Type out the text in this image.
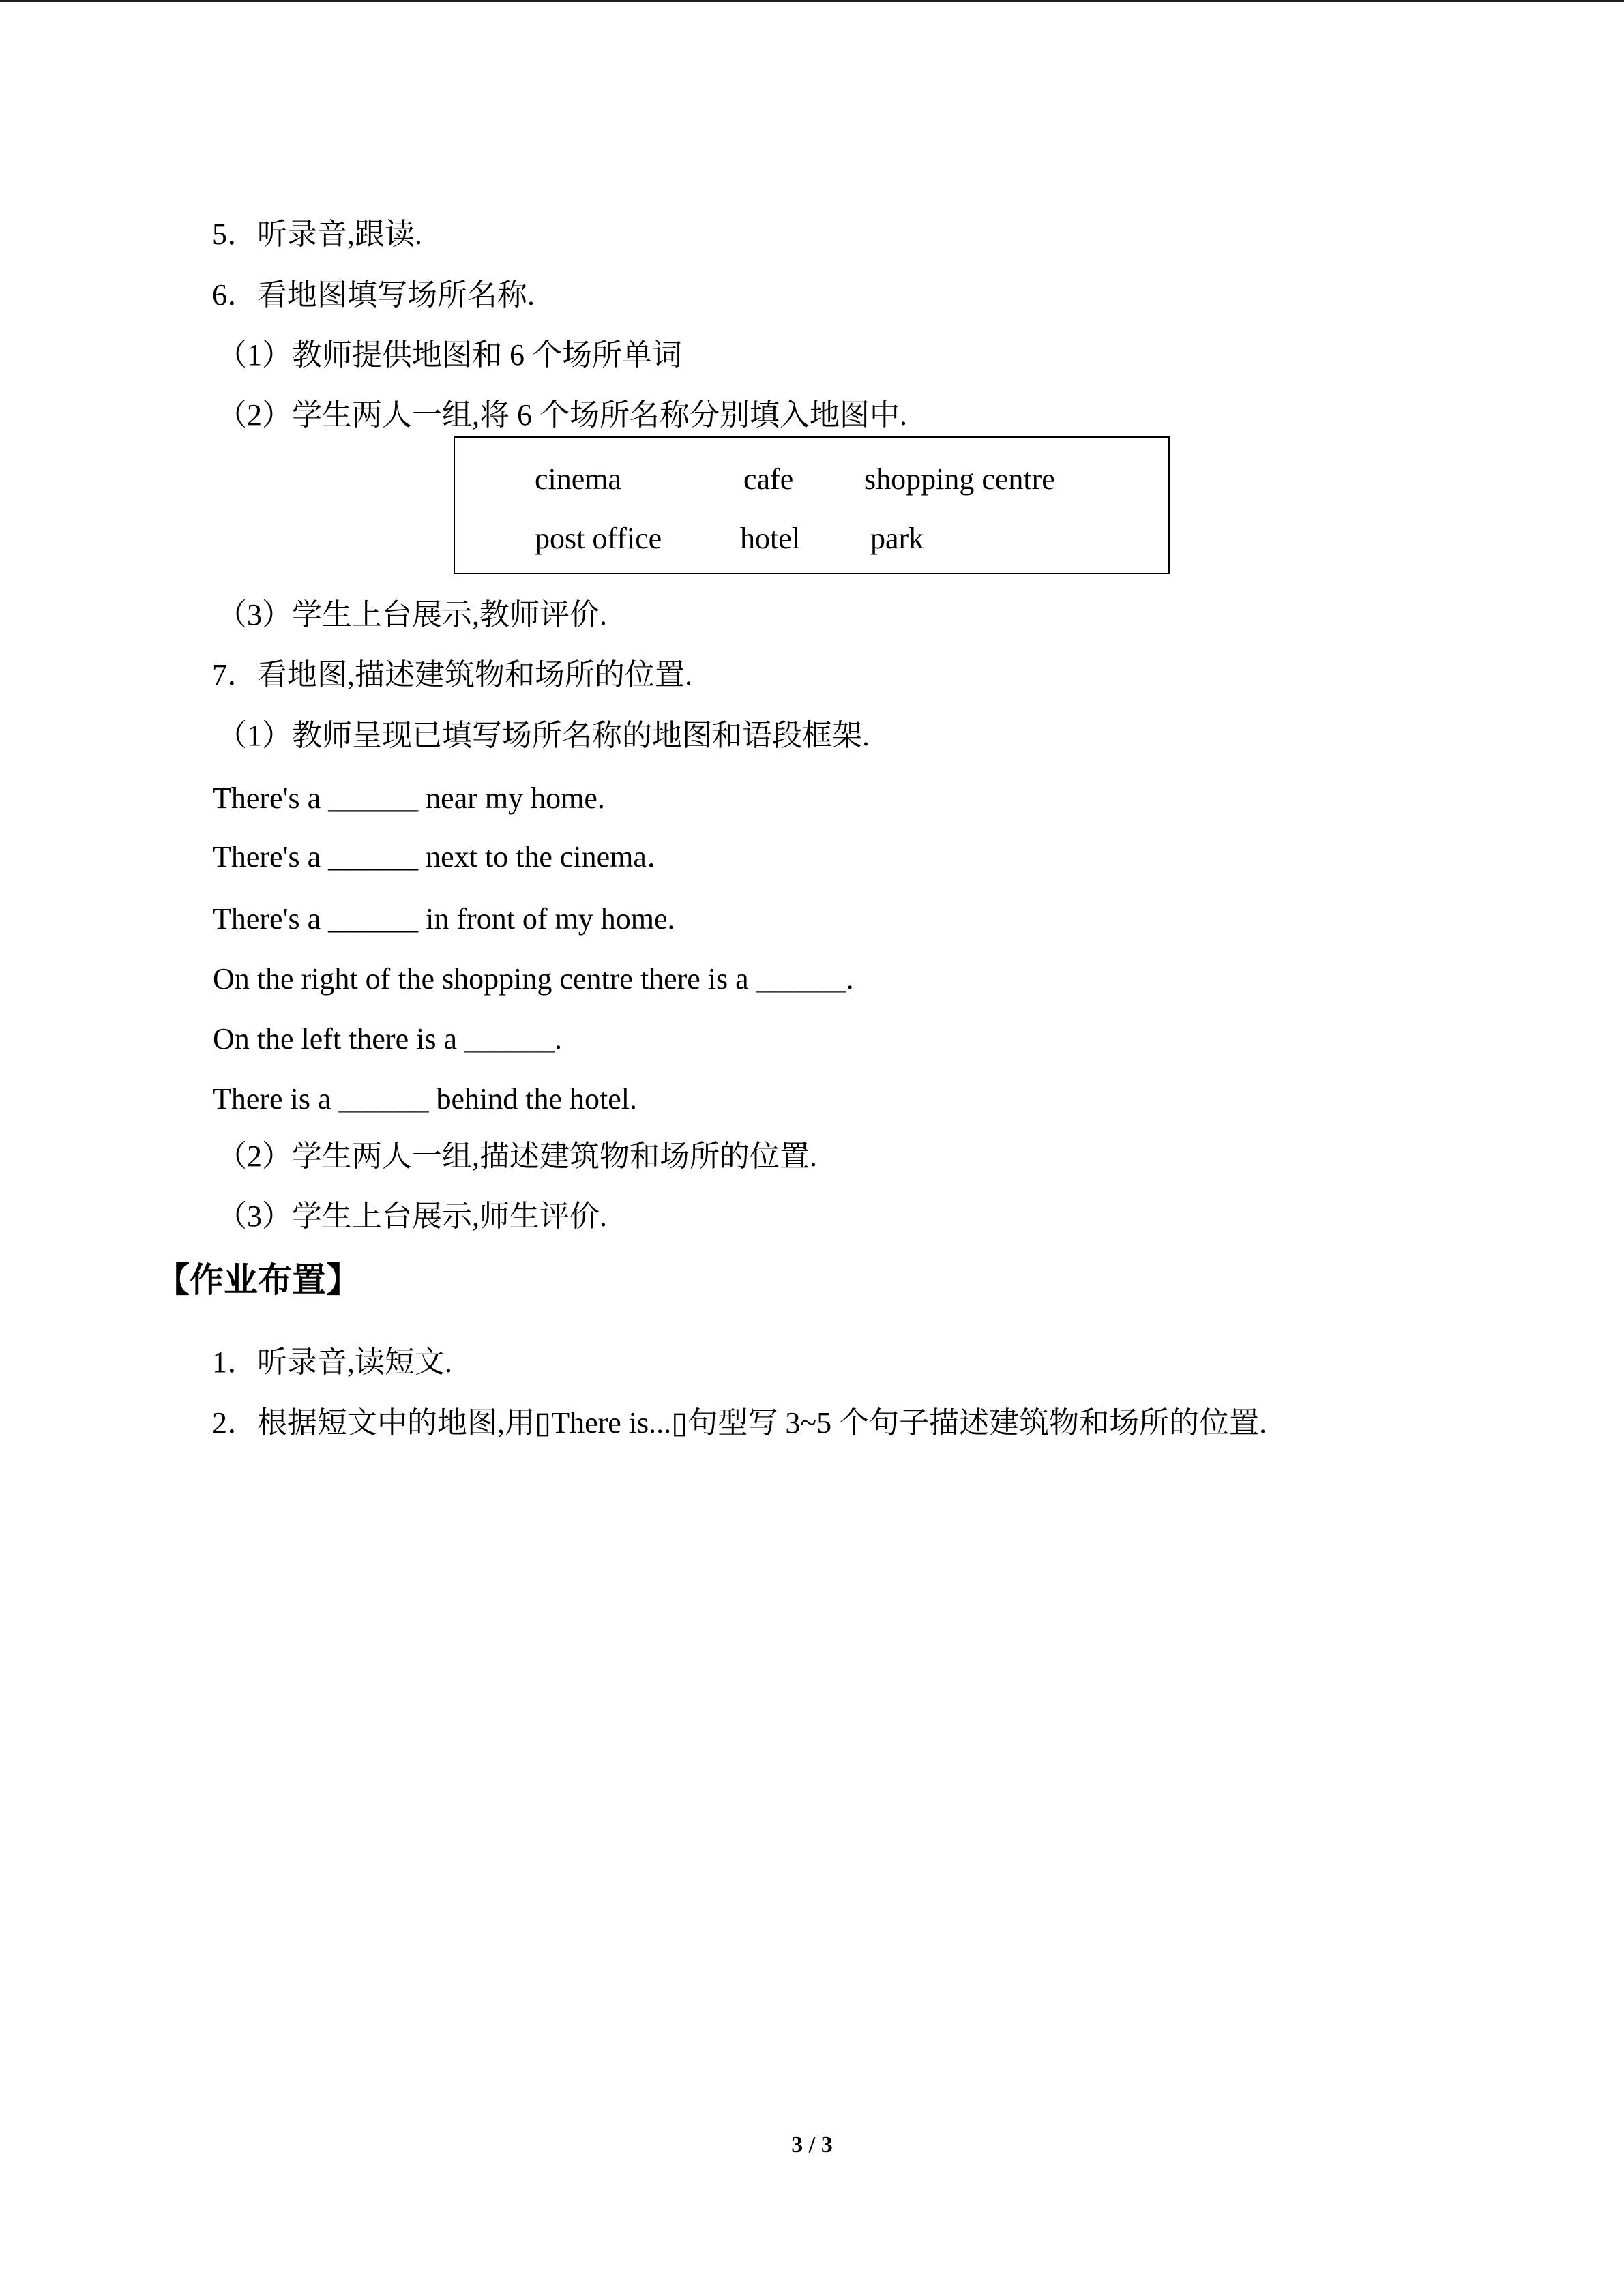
5．听录音,跟读.
6．看地图填写场所名称.
（1）教师提供地图和 6 个场所单词
（2）学生两人一组,将 6 个场所名称分别填入地图中.
cinema	cafe shopping centre
post office	hotel park
（3）学生上台展示,教师评价.
7．看地图,描述建筑物和场所的位置.
（1）教师呈现已填写场所名称的地图和语段框架.
There's a ______ near my home.
There's a ______ next to the cinema．
There's a ______ in front of my home.
On the right of the shopping centre there is a ______.
On the left there is a ______.
There is a ______ behind the hotel.
（2）学生两人一组,描述建筑物和场所的位置.
（3）学生上台展示,师生评价.
【作业布置】
1．听录音,读短文.
2．根据短文中的地图,用▯There is...▯句型写 3~5 个句子描述建筑物和场所的位置.
3 / 3
